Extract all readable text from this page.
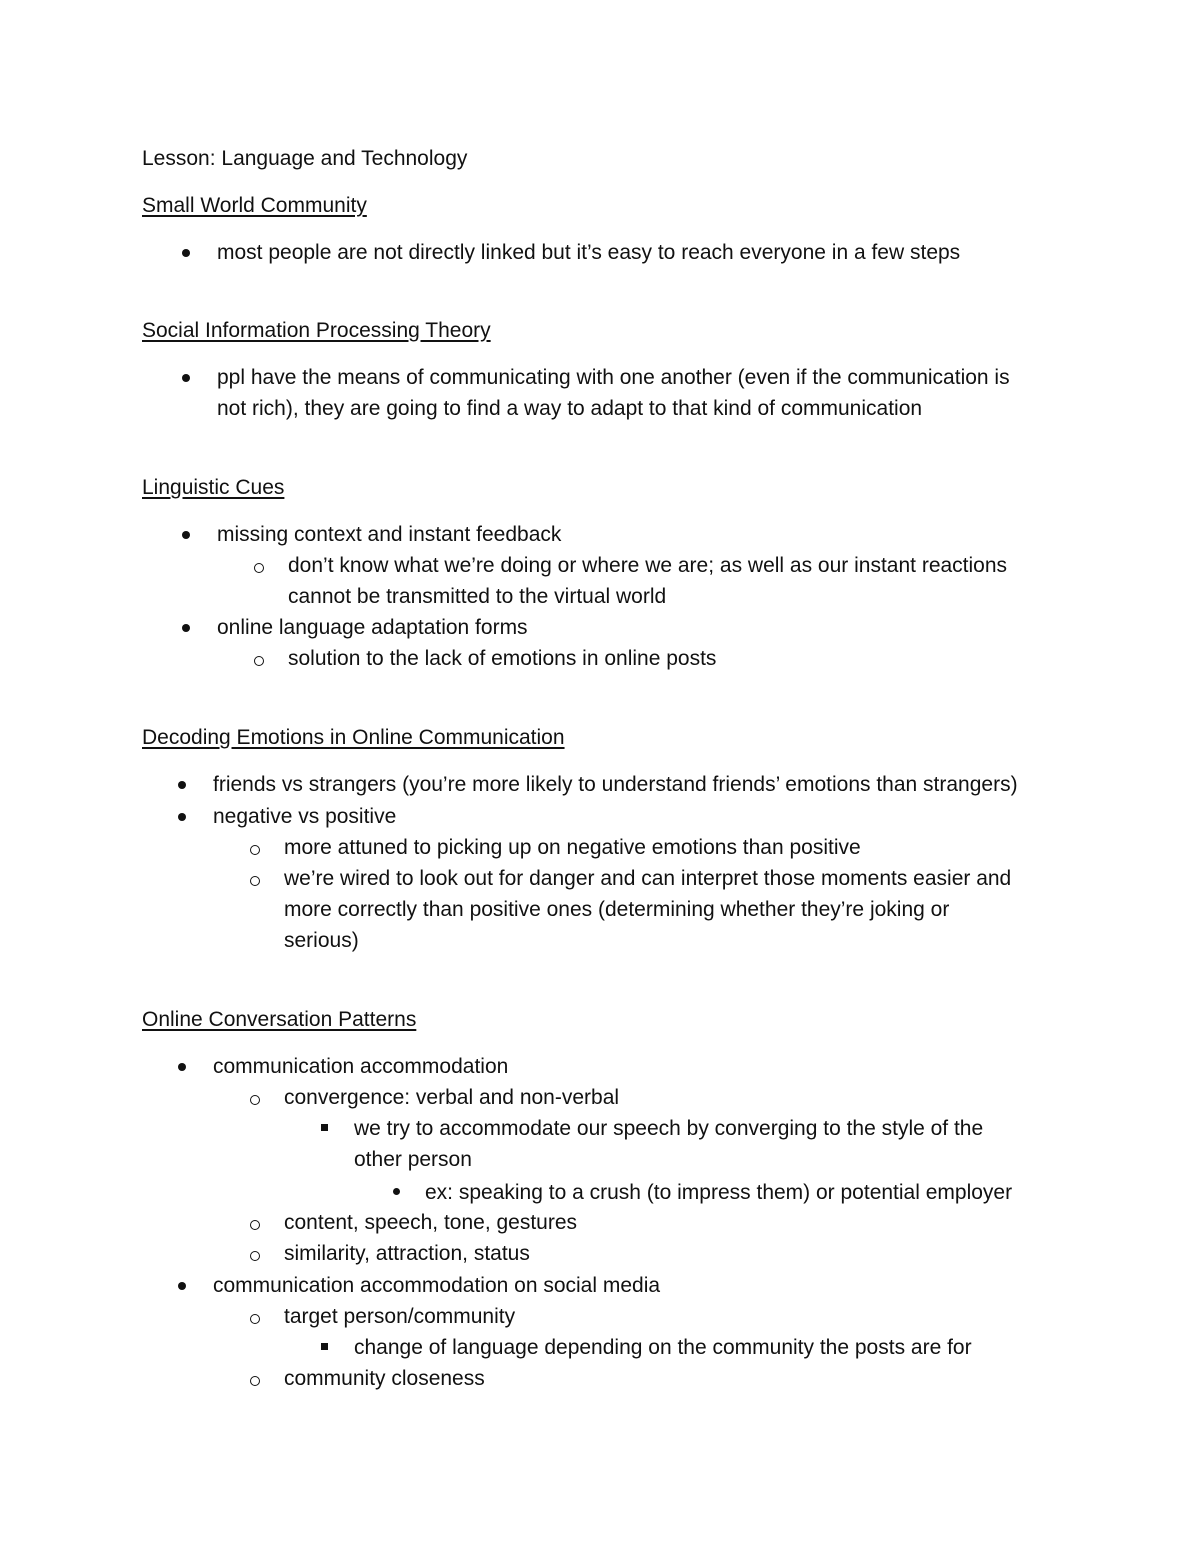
Lesson: Language and Technology
Small World Community
most people are not directly linked but it’s easy to reach everyone in a few steps
Social Information Processing Theory
ppl have the means of communicating with one another (even if the communication is
not rich), they are going to find a way to adapt to that kind of communication
Linguistic Cues
missing context and instant feedback
don’t know what we’re doing or where we are; as well as our instant reactions
cannot be transmitted to the virtual world
online language adaptation forms
solution to the lack of emotions in online posts
Decoding Emotions in Online Communication
friends vs strangers (you’re more likely to understand friends’ emotions than strangers)
negative vs positive
more attuned to picking up on negative emotions than positive
we’re wired to look out for danger and can interpret those moments easier and
more correctly than positive ones (determining whether they’re joking or
serious)
Online Conversation Patterns
communication accommodation
convergence: verbal and non-verbal
we try to accommodate our speech by converging to the style of the
other person
ex: speaking to a crush (to impress them) or potential employer
content, speech, tone, gestures
similarity, attraction, status
communication accommodation on social media
target person/community
change of language depending on the community the posts are for
community closeness
